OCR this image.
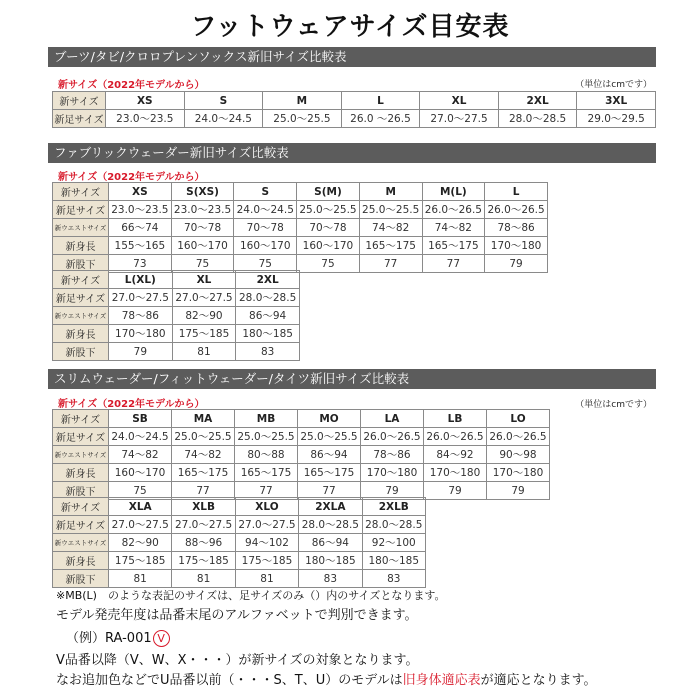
フットウェアサイズ目安表
ブーツ/タビ/クロロプレンソックス新旧サイズ比較表
新サイズ（2022年モデルから）	（単位はcmです）
新サイズ	XS	S	M	L	XL	2XL	3XL
新足サイズ	23.0～23.5	24.0～24.5	25.0～25.5	26.0 ～26.5	27.0～27.5	28.0～28.5	29.0～29.5
ファブリックウェーダー新旧サイズ比較表
新サイズ（2022年モデルから）
新サイズ	XS	S(XS)	S	S(M)	M	M(L)	L
新足サイズ	23.0～23.5	23.0～23.5	24.0～24.5	25.0～25.5	25.0～25.5	26.0～26.5	26.0～26.5
新ウエストサイズ	66～74	70～78	70～78	70～78	74～82	74～82	78～86
新身長	155～165	160～170	160～170	160～170	165～175	165～175	170～180
新股下	73	75	75	75	77	77	79
新サイズ	L(XL)	XL	2XL
新足サイズ	27.0～27.5	27.0～27.5	28.0～28.5
新ウエストサイズ	78～86	82～90	86～94
新身長	170～180	175～185	180～185
新股下	79	81	83
スリムウェーダー/フィットウェーダー/タイツ新旧サイズ比較表
新サイズ（2022年モデルから）	（単位はcmです）
新サイズ	SB	MA	MB	MO	LA	LB	LO
新足サイズ	24.0～24.5	25.0～25.5	25.0～25.5	25.0～25.5	26.0～26.5	26.0～26.5	26.0～26.5
新ウエストサイズ	74～82	74～82	80～88	86～94	78～86	84～92	90～98
新身長	160～170	165～175	165～175	165～175	170～180	170～180	170～180
新股下	75	77	77	77	79	79	79
新サイズ	XLA	XLB	XLO	2XLA	2XLB
新足サイズ	27.0～27.5	27.0～27.5	27.0～27.5	28.0～28.5	28.0～28.5
新ウエストサイズ	82～90	88～96	94～102	86～94	92～100
新身長	175～185	175～185	175～185	180～185	180～185
新股下	81	81	81	83	83
※MB(L)　のような表記のサイズは、足サイズのみ（）内のサイズとなります。
モデル発売年度は品番末尾のアルファベットで判別できます。
（例）RA-001 V
V品番以降（V、W、X・・・）が新サイズの対象となります。
なお追加色などでU品番以前（・・・S、T、U）のモデルは旧身体適応表が適応となります。
